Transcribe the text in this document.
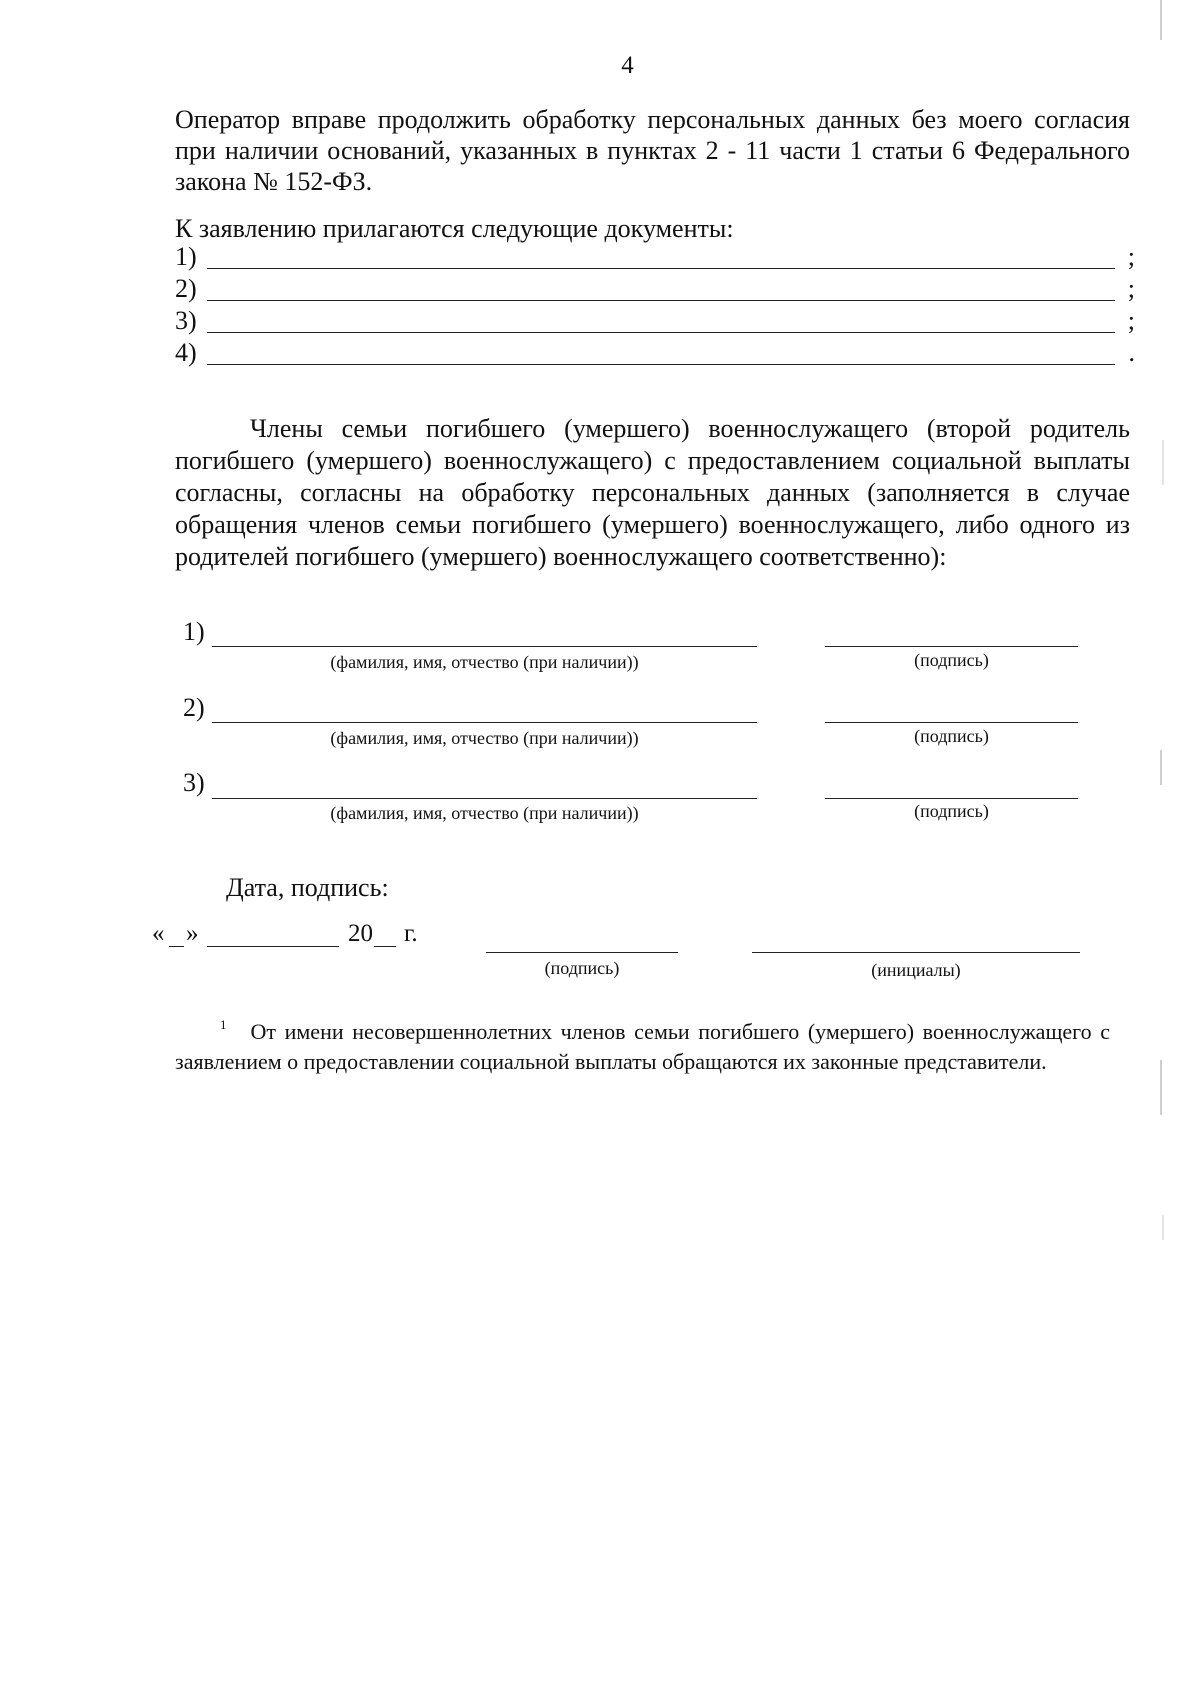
4
Оператор вправе продолжить обработку персональных данных без моего согласия при наличии оснований, указанных в пунктах 2 - 11 части 1 статьи 6 Федерального закона № 152-ФЗ.
К заявлению прилагаются следующие документы:
1)	;
2)	;
3)	;
4)	.
Члены семьи погибшего (умершего) военнослужащего (второй родитель погибшего (умершего) военнослужащего) с предоставлением социальной выплаты согласны, согласны на обработку персональных данных (заполняется в случае обращения членов семьи погибшего (умершего) военнослужащего, либо одного из родителей погибшего (умершего) военнослужащего соответственно):
1)
(фамилия, имя, отчество (при наличии))	(подпись)
2)
(фамилия, имя, отчество (при наличии))	(подпись)
3)
(фамилия, имя, отчество (при наличии))	(подпись)
Дата, подпись:
« »	20 г.
(подпись)	(инициалы)
$^1$ От имени несовершеннолетних членов семьи погибшего (умершего) военнослужащего с заявлением о предоставлении социальной выплаты обращаются их законные представители.
